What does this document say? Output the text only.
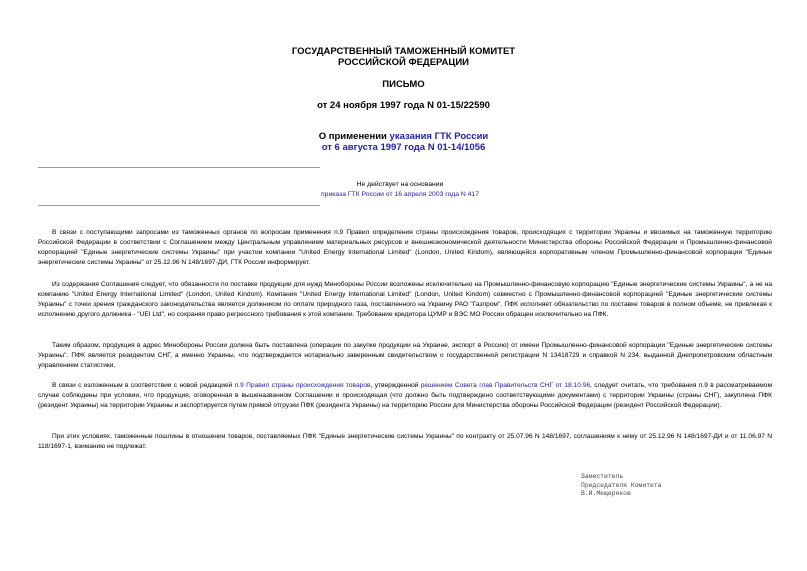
ГОСУДАРСТВЕННЫЙ ТАМОЖЕННЫЙ КОМИТЕТ
РОССИЙСКОЙ ФЕДЕРАЦИИ
ПИСЬМО
от 24 ноября 1997 года N 01-15/22590
О применении указания ГТК России
от 6 августа 1997 года N 01-14/1056
Не действует на основании
приказа ГТК России от 16 апреля 2003 года N 417

В связи с поступающими запросами из таможенных органов по вопросам применения п.9 Правил определения страны происхождения товаров, происходящих с территории Украины и ввозимых на таможенную территорию Российской Федерации в соответствии с Соглашением между Центральным управлением материальных ресурсов и внешнеэкономической деятельности Министерства обороны Российской Федерации и Промышленно-финансовой корпорацией "Единые энергетические системы Украины" при участии компании "United Energy International Limited" (London, United Kindom), являющейся корпоративным членом Промышленно-финансовой корпорации "Единые энергетические системы Украины" от 25.12.96 N 148/1697-ДИ, ГТК России информирует.

Из содержания Соглашения следует, что обязанности по поставке продукции для нужд Минобороны России возложены исключительно на Промышленно-финансовую корпорацию "Единые энергетические системы Украины", а не на компанию "United Energy International Limited" (London, United Kindom). Компания "United Energy International Limited" (London, United Kindom) совместно с Промышленно-финансовой корпорацией "Единые энергетические системы Украины" с точки зрения гражданского законодательства является должником по оплате природного газа, поставленного на Украину РАО "Газпром". ПФК исполняет обязательство по поставке товаров в полном объеме, не привлекая к исполнению другого должника - "UEI Ltd", но сохраняя право регрессного требования к этой компании. Требование кредитора ЦУМР и ВЭС МО России обращен исключительно на ПФК.

Таким образом, продукция в адрес Минобороны России должна быть поставлена (операции по закупке продукции на Украине, экспорт в Россию) от имени Промышленно-финансовой корпорации "Единые энергетические системы Украины". ПФК является резидентом СНГ, а именно Украины, что подтверждается нотариально заверенным свидетельством о государственной регистрации N 13418729 и справкой N 234, выданной Днепропетровским областным управлением статистики.

В связи с изложенным в соответствии с новой редакцией п.9 Правил страны происхождения товаров, утвержденной решением Совета глав Правительств СНГ от 18.10.96, следует считать, что требования п.9 в рассматриваемом случае соблюдены при условии, что продукция, оговоренная в вышеназванном Соглашении и происходящая (что должно быть подтверждено соответствующими документами) с территории Украины (страны СНГ), закуплена ПФК (резидент Украины) на территории Украины и экспортируется путем прямой отгрузки ПФК (резидента Украины) на территорию России для Министерства обороны Российской Федерации (резидент Российской Федерации).

При этих условиях, таможенные пошлины в отношении товаров, поставляемых ПФК "Единые энергетические системы Украины" по контракту от 25.07.96 N 148/1697, соглашениям к нему от 25.12.96 N 148/1697-ДИ и от 11.06.97 N 118/1697-1, взиманию не подлежат.

Заместитель
Председателя Комитета
В.И.Мещеряков
